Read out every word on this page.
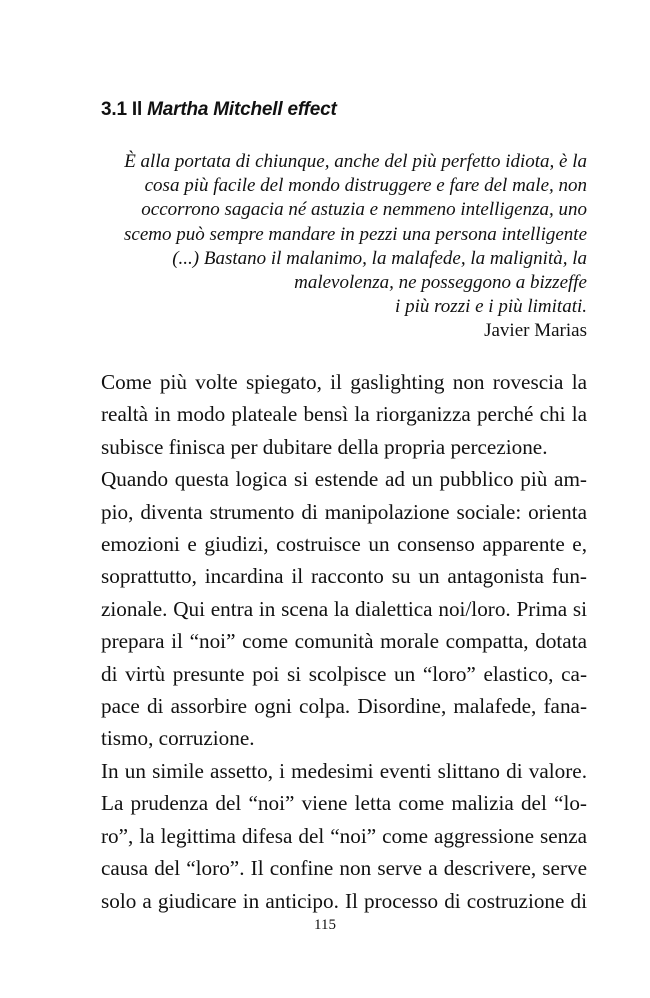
3.1 Il Martha Mitchell effect
È alla portata di chiunque, anche del più perfetto idiota, è la
cosa più facile del mondo distruggere e fare del male, non
occorrono sagacia né astuzia e nemmeno intelligenza, uno
scemo può sempre mandare in pezzi una persona intelligente
(...) Bastano il malanimo, la malafede, la malignità, la
malevolenza, ne posseggono a bizzeffe
i più rozzi e i più limitati.
Javier Marias
Come più volte spiegato, il gaslighting non rovescia la
realtà in modo plateale bensì la riorganizza perché chi la
subisce finisca per dubitare della propria percezione.
Quando questa logica si estende ad un pubblico più am-
pio, diventa strumento di manipolazione sociale: orienta
emozioni e giudizi, costruisce un consenso apparente e,
soprattutto, incardina il racconto su un antagonista fun-
zionale. Qui entra in scena la dialettica noi/loro. Prima si
prepara il “noi” come comunità morale compatta, dotata
di virtù presunte poi si scolpisce un “loro” elastico, ca-
pace di assorbire ogni colpa. Disordine, malafede, fana-
tismo, corruzione.
In un simile assetto, i medesimi eventi slittano di valore.
La prudenza del “noi” viene letta come malizia del “lo-
ro”, la legittima difesa del “noi” come aggressione senza
causa del “loro”. Il confine non serve a descrivere, serve
solo a giudicare in anticipo. Il processo di costruzione di
115
